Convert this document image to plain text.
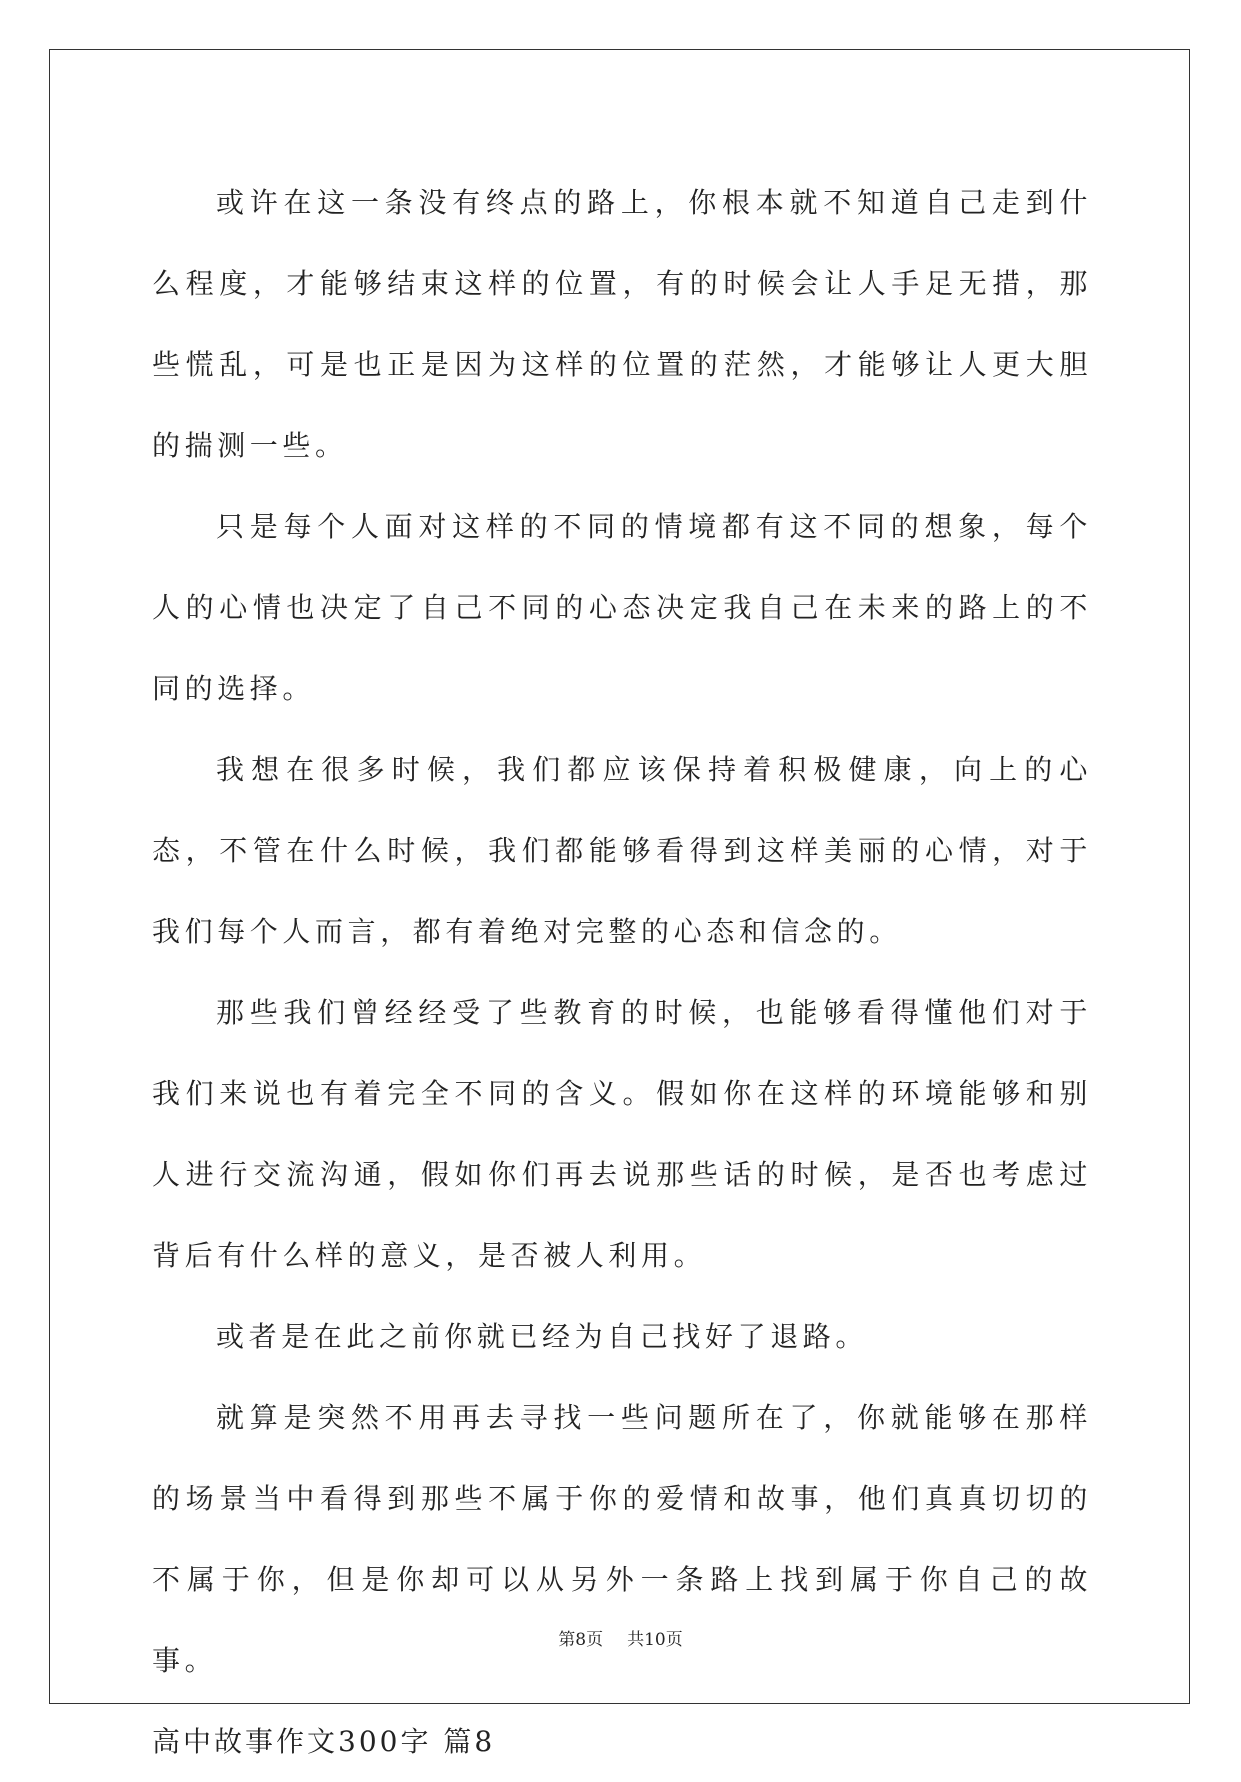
或许在这一条没有终点的路上，你根本就不知道自己走到什么程度，才能够结束这样的位置，有的时候会让人手足无措，那些慌乱，可是也正是因为这样的位置的茫然，才能够让人更大胆的揣测一些。

只是每个人面对这样的不同的情境都有这不同的想象，每个人的心情也决定了自己不同的心态决定我自己在未来的路上的不同的选择。

我想在很多时候，我们都应该保持着积极健康，向上的心态，不管在什么时候，我们都能够看得到这样美丽的心情，对于我们每个人而言，都有着绝对完整的心态和信念的。

那些我们曾经经受了些教育的时候，也能够看得懂他们对于我们来说也有着完全不同的含义。假如你在这样的环境能够和别人进行交流沟通，假如你们再去说那些话的时候，是否也考虑过背后有什么样的意义，是否被人利用。

或者是在此之前你就已经为自己找好了退路。

就算是突然不用再去寻找一些问题所在了，你就能够在那样的场景当中看得到那些不属于你的爱情和故事，他们真真切切的不属于你，但是你却可以从另外一条路上找到属于你自己的故事。

高中故事作文300字 篇8

第8页 共10页
